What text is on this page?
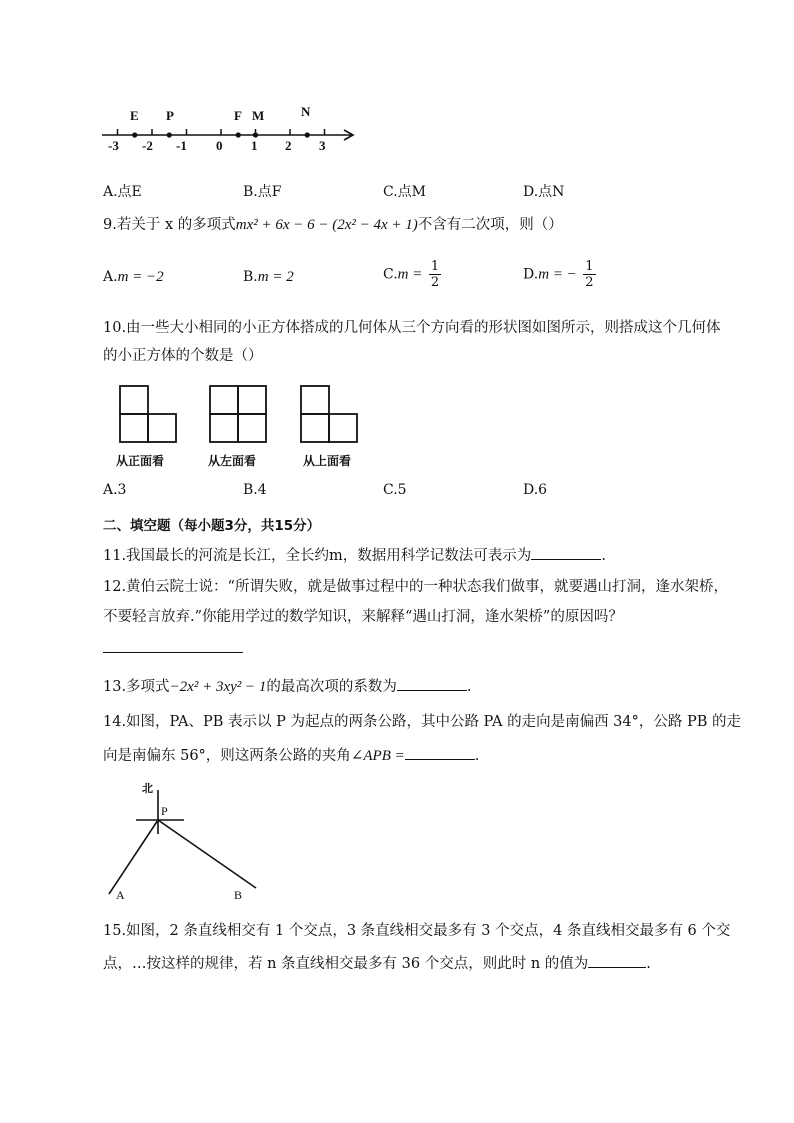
-3 -2 -1 0 1 2 3
E P	F M	N
A.点E	B.点F	C.点M	D.点N
9.若关于 x 的多项式mx² + 6x − 6 − (2x² − 4x + 1)不含有二次项，则（）
A.m = −2	B.m = 2	$C.m = \frac{1}{2}$	D.m = − $\frac{1}{2}$
10.由一些大小相同的小正方体搭成的几何体从三个方向看的形状图如图所示，则搭成这个几何体
的小正方体的个数是（）
从正面看	从左面看	从上面看
A.3	B.4	C.5	D.6
二、填空题（每小题3分，共15分）
11.我国最长的河流是长江，全长约m，数据用科学记数法可表示为	.
12.黄伯云院士说：“所谓失败，就是做事过程中的一种状态我们做事，就要遇山打洞，逢水架桥，
不要轻言放弃.”你能用学过的数学知识，来解释“遇山打洞，逢水架桥”的原因吗？
13.多项式−2x² + 3xy² − 1的最高次项的系数为	.
14.如图，PA、PB 表示以 P 为起点的两条公路，其中公路 PA 的走向是南偏西 34°，公路 PB 的走
向是南偏东 56°，则这两条公路的夹角∠APB =	.
北
P
A	B
15.如图，2 条直线相交有 1 个交点，3 条直线相交最多有 3 个交点，4 条直线相交最多有 6 个交
点，…按这样的规律，若 n 条直线相交最多有 36 个交点，则此时 n 的值为	.
